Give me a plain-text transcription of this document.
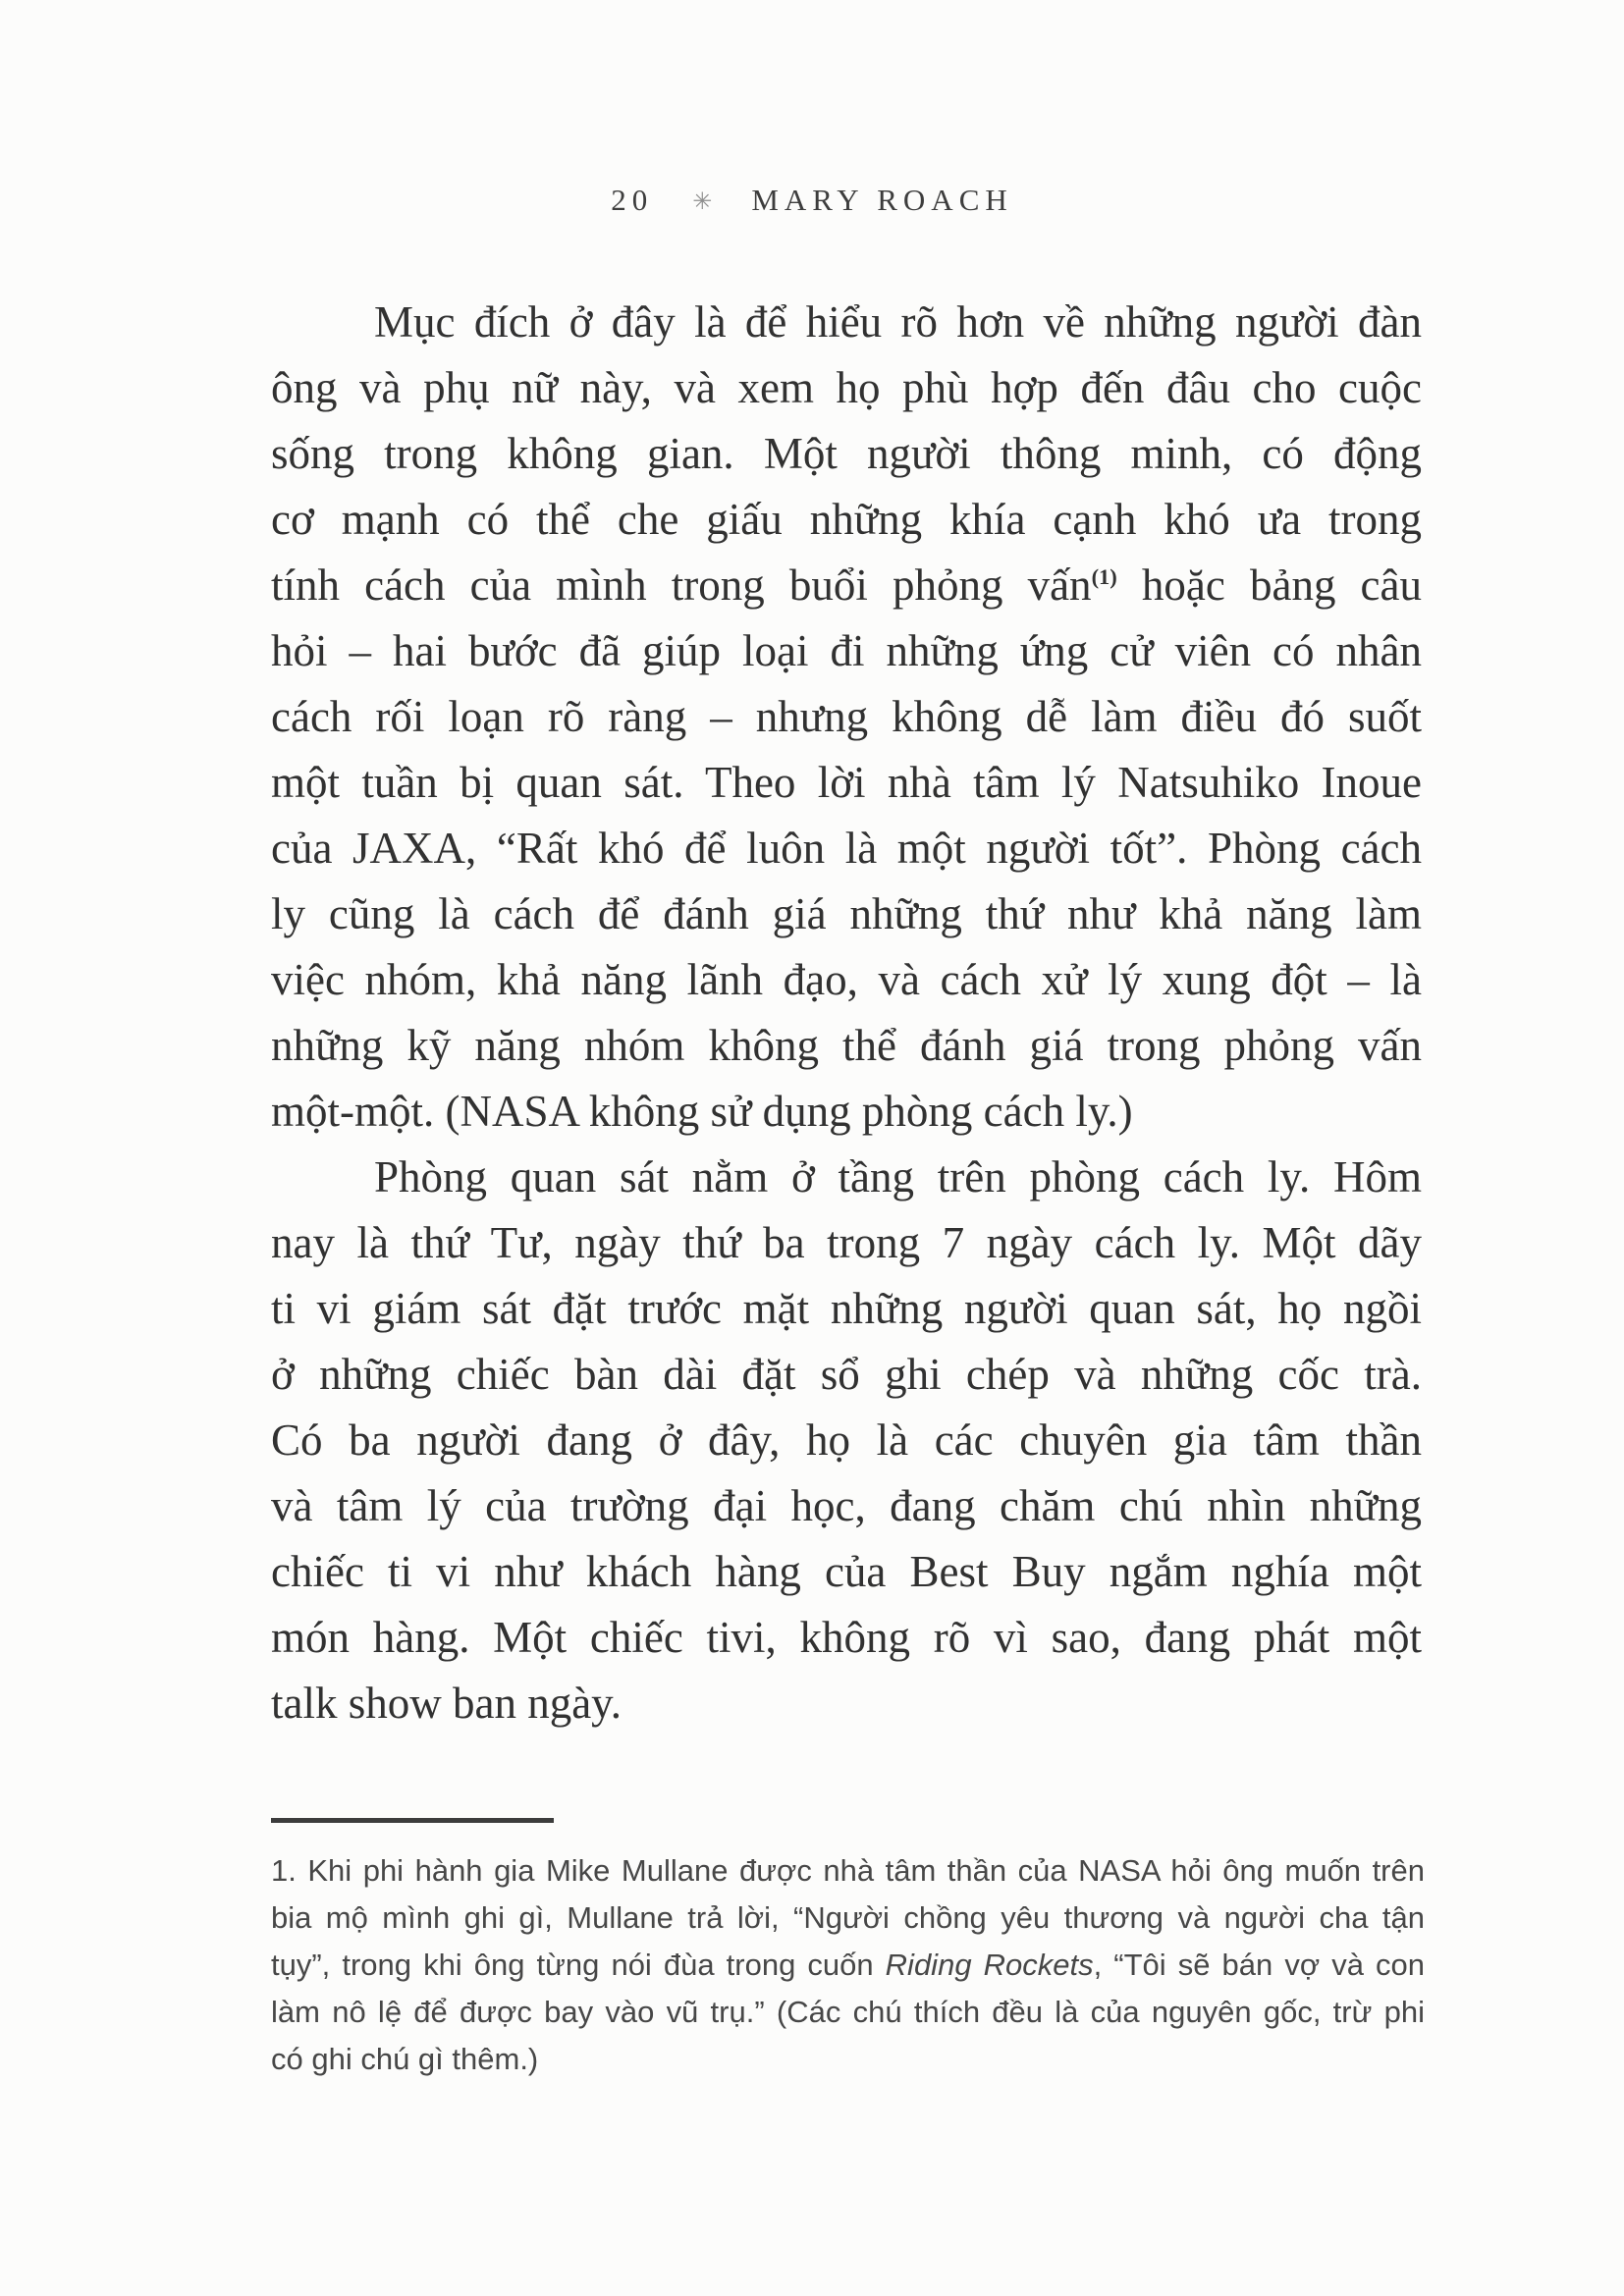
20 ✳ MARY ROACH
Mục đích ở đây là để hiểu rõ hơn về những người đàn
ông và phụ nữ này, và xem họ phù hợp đến đâu cho cuộc
sống trong không gian. Một người thông minh, có động
cơ mạnh có thể che giấu những khía cạnh khó ưa trong
tính cách của mình trong buổi phỏng vấn$^{(1)}$ hoặc bảng câu
hỏi – hai bước đã giúp loại đi những ứng cử viên có nhân
cách rối loạn rõ ràng – nhưng không dễ làm điều đó suốt
một tuần bị quan sát. Theo lời nhà tâm lý Natsuhiko Inoue
của JAXA, “Rất khó để luôn là một người tốt”. Phòng cách
ly cũng là cách để đánh giá những thứ như khả năng làm
việc nhóm, khả năng lãnh đạo, và cách xử lý xung đột – là
những kỹ năng nhóm không thể đánh giá trong phỏng vấn
một-một. (NASA không sử dụng phòng cách ly.)
Phòng quan sát nằm ở tầng trên phòng cách ly. Hôm
nay là thứ Tư, ngày thứ ba trong 7 ngày cách ly. Một dãy
ti vi giám sát đặt trước mặt những người quan sát, họ ngồi
ở những chiếc bàn dài đặt sổ ghi chép và những cốc trà.
Có ba người đang ở đây, họ là các chuyên gia tâm thần
và tâm lý của trường đại học, đang chăm chú nhìn những
chiếc ti vi như khách hàng của Best Buy ngắm nghía một
món hàng. Một chiếc tivi, không rõ vì sao, đang phát một
talk show ban ngày.
1. Khi phi hành gia Mike Mullane được nhà tâm thần của NASA hỏi ông muốn trên
bia mộ mình ghi gì, Mullane trả lời, “Người chồng yêu thương và người cha tận
tụy”, trong khi ông từng nói đùa trong cuốn Riding Rockets, “Tôi sẽ bán vợ và con
làm nô lệ để được bay vào vũ trụ.” (Các chú thích đều là của nguyên gốc, trừ phi
có ghi chú gì thêm.)
